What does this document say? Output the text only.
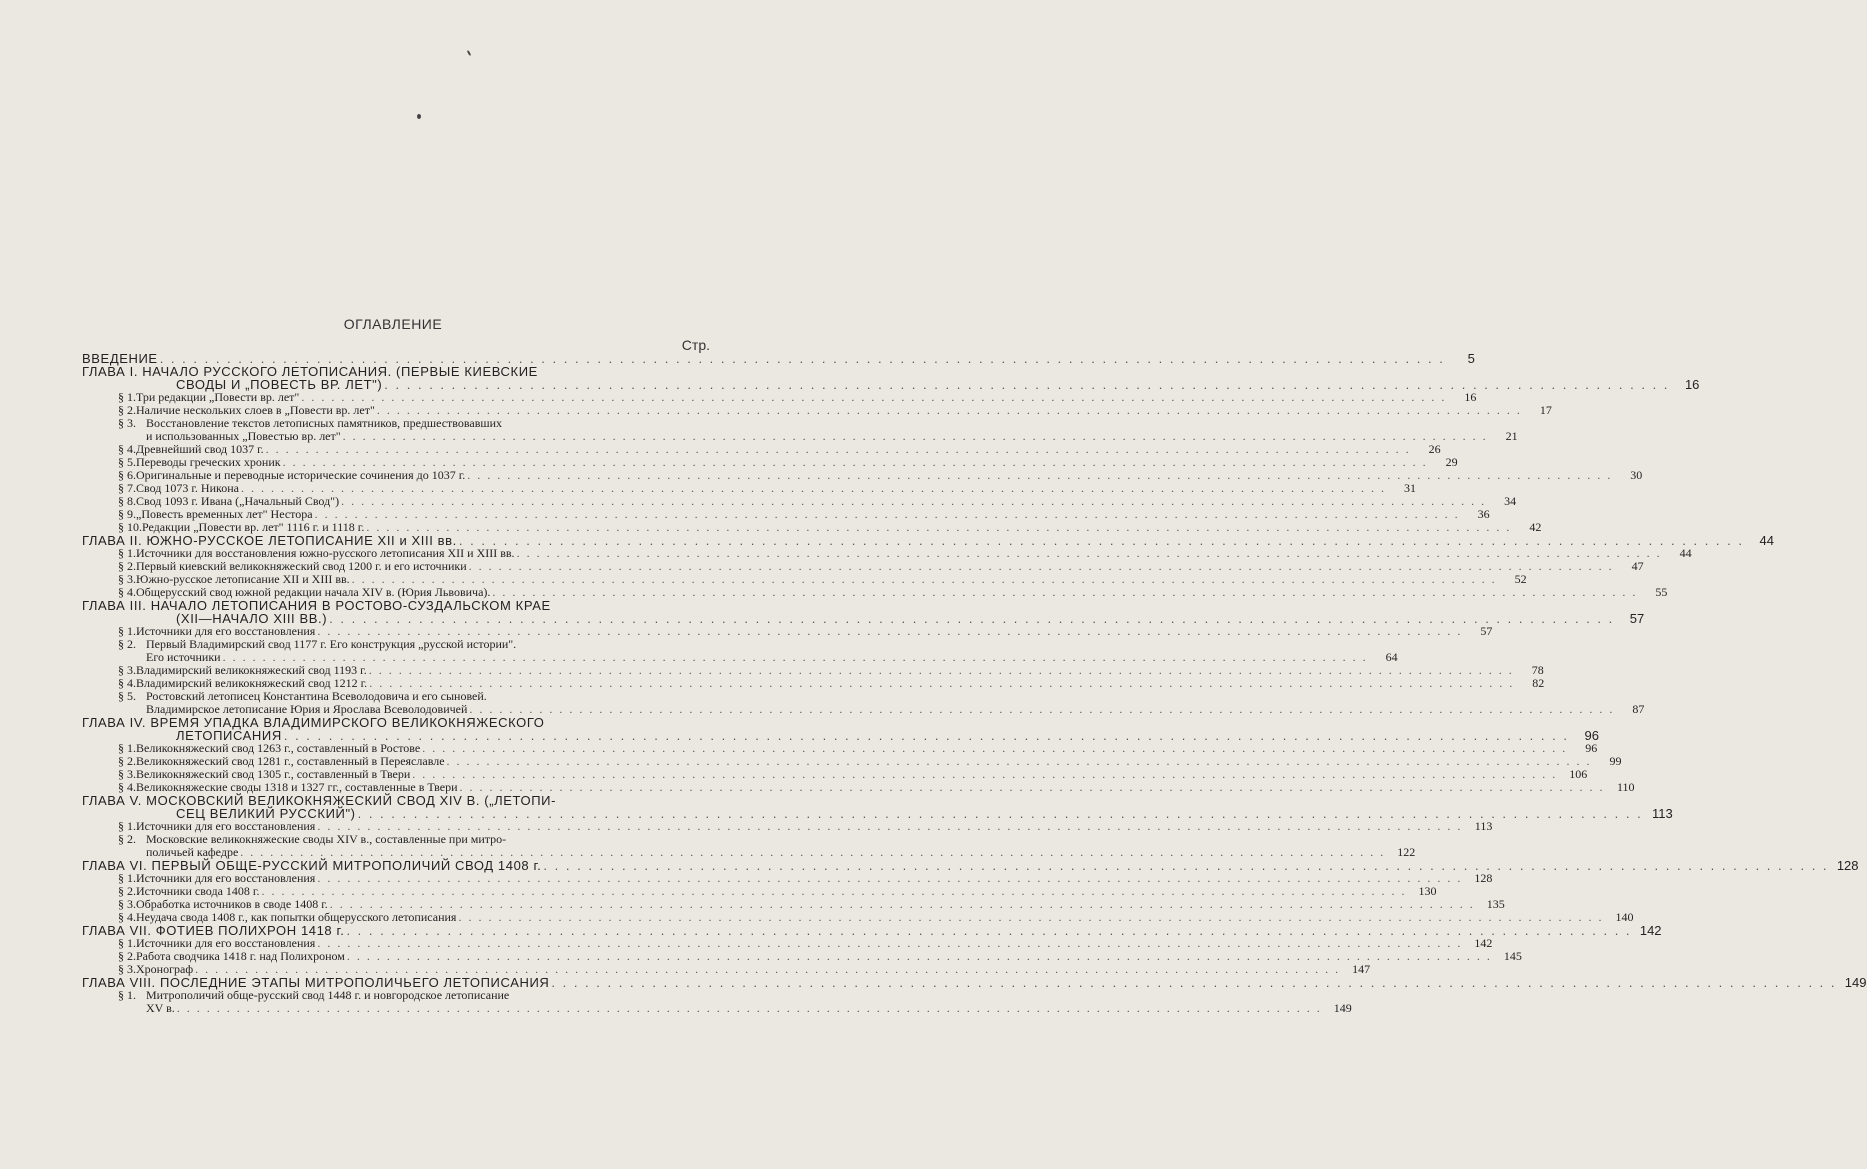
ОГЛАВЛЕНИЕ
Стр.
ВВЕДЕНИЕ . . .	5
ГЛАВА I. НАЧАЛО РУССКОГО ЛЕТОПИСАНИЯ. (ПЕРВЫЕ КИЕВСКИЕ
СВОДЫ И „ПОВЕСТЬ ВР. ЛЕТ") . . .	16
§ 1. Три редакции „Повести вр. лет" . . .	16
§ 2. Наличие нескольких слоев в „Повести вр. лет" . . .	17
§ 3. Восстановление текстов летописных памятников, предшествовавших
и использованных „Повестью вр. лет" . . .	21
§ 4. Древнейший свод 1037 г. . . .	26
§ 5. Переводы греческих хроник . . .	29
§ 6. Оригинальные и переводные исторические сочинения до 1037 г. . . .	30
§ 7. Свод 1073 г. Никона . . .	31
§ 8. Свод 1093 г. Ивана („Начальный Свод") . . .	34
§ 9. „Повесть временных лет" Нестора . . .	36
§ 10. Редакции „Повести вр. лет" 1116 г. и 1118 г. . . .	42
ГЛАВА II. ЮЖНО-РУССКОЕ ЛЕТОПИСАНИЕ XII и XIII вв. . . .	44
§ 1. Источники для восстановления южно-русского летописания XII и XIII вв. . . .	44
§ 2. Первый киевский великокняжеский свод 1200 г. и его источники . . .	47
§ 3. Южно-русское летописание XII и XIII вв. . . .	52
§ 4. Общерусский свод южной редакции начала XIV в. (Юрия Львовича). . . .	55
ГЛАВА III. НАЧАЛО ЛЕТОПИСАНИЯ В РОСТОВО-СУЗДАЛЬСКОМ КРАЕ
(XII—НАЧАЛО XIII ВВ.) . . .	57
§ 1. Источники для его восстановления . . .	57
§ 2. Первый Владимирский свод 1177 г. Его конструкция „русской истории".
Его источники . . .	64
§ 3. Владимирский великокняжеский свод 1193 г. . . .	78
§ 4. Владимирский великокняжеский свод 1212 г. . . .	82
§ 5. Ростовский летописец Константина Всеволодовича и его сыновей.
Владимирское летописание Юрия и Ярослава Всеволодовичей . . .	87
ГЛАВА IV. ВРЕМЯ УПАДКА ВЛАДИМИРСКОГО ВЕЛИКОКНЯЖЕСКОГО
ЛЕТОПИСАНИЯ . . .	96
§ 1. Великокняжеский свод 1263 г., составленный в Ростове . . .	96
§ 2. Великокняжеский свод 1281 г., составленный в Переяславле . . .	99
§ 3. Великокняжеский свод 1305 г., составленный в Твери . . .	106
§ 4. Великокняжеские своды 1318 и 1327 гг., составленные в Твери . . .	110
ГЛАВА V. МОСКОВСКИЙ ВЕЛИКОКНЯЖЕСКИЙ СВОД XIV В. („ЛЕТОПИ-
СЕЦ ВЕЛИКИЙ РУССКИЙ") . . .	113
§ 1. Источники для его восстановления . . .	113
§ 2. Московские великокняжеские своды XIV в., составленные при митро-
поличьей кафедре . . .	122
ГЛАВА VI. ПЕРВЫЙ ОБЩЕ-РУССКИЙ МИТРОПОЛИЧИЙ СВОД 1408 г. . . .	128
§ 1. Источники для его восстановления . . .	128
§ 2. Источники свода 1408 г. . . .	130
§ 3. Обработка источников в своде 1408 г. . . .	135
§ 4. Неудача свода 1408 г., как попытки общерусского летописания . . .	140
ГЛАВА VII. ФОТИЕВ ПОЛИХРОН 1418 г. . . .	142
§ 1. Источники для его восстановления . . .	142
§ 2. Работа сводчика 1418 г. над Полихроном . . .	145
§ 3. Хронограф . . .	147
ГЛАВА VIII. ПОСЛЕДНИЕ ЭТАПЫ МИТРОПОЛИЧЬЕГО ЛЕТОПИСАНИЯ . . .	149
§ 1. Митрополичий обще-русский свод 1448 г. и новгородское летописание
XV в. . . .	149
